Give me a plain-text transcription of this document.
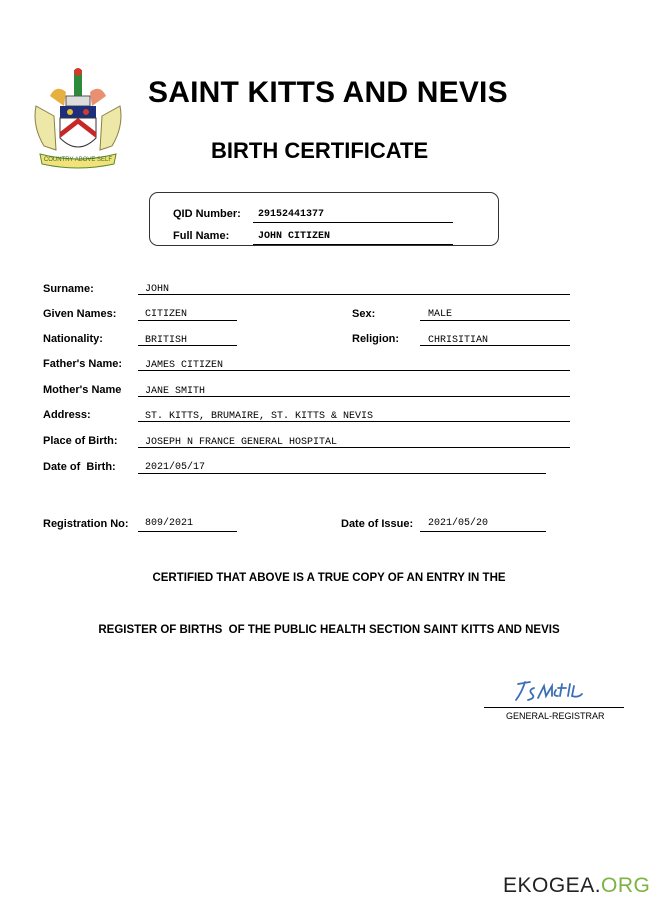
COUNTRY ABOVE SELF
SAINT KITTS AND NEVIS
BIRTH CERTIFICATE
QID Number: 29152441377
Full Name:	JOHN CITIZEN
Surname:	JOHN
Given Names:	CITIZEN	Sex:	MALE
Nationality:	BRITISH	Religion:	CHRISITIAN
Father's Name: JAMES CITIZEN
Mother's Name JANE SMITH
Address:	ST. KITTS, BRUMAIRE, ST. KITTS & NEVIS
Place of Birth:	JOSEPH N FRANCE GENERAL HOSPITAL
Date of  Birth:	2021/05/17
Registration No: 809/2021	Date of Issue: 2021/05/20
CERTIFIED THAT ABOVE IS A TRUE COPY OF AN ENTRY IN THE
REGISTER OF BIRTHS  OF THE PUBLIC HEALTH SECTION SAINT KITTS AND NEVIS
GENERAL-REGISTRAR
EKOGEA.ORG
